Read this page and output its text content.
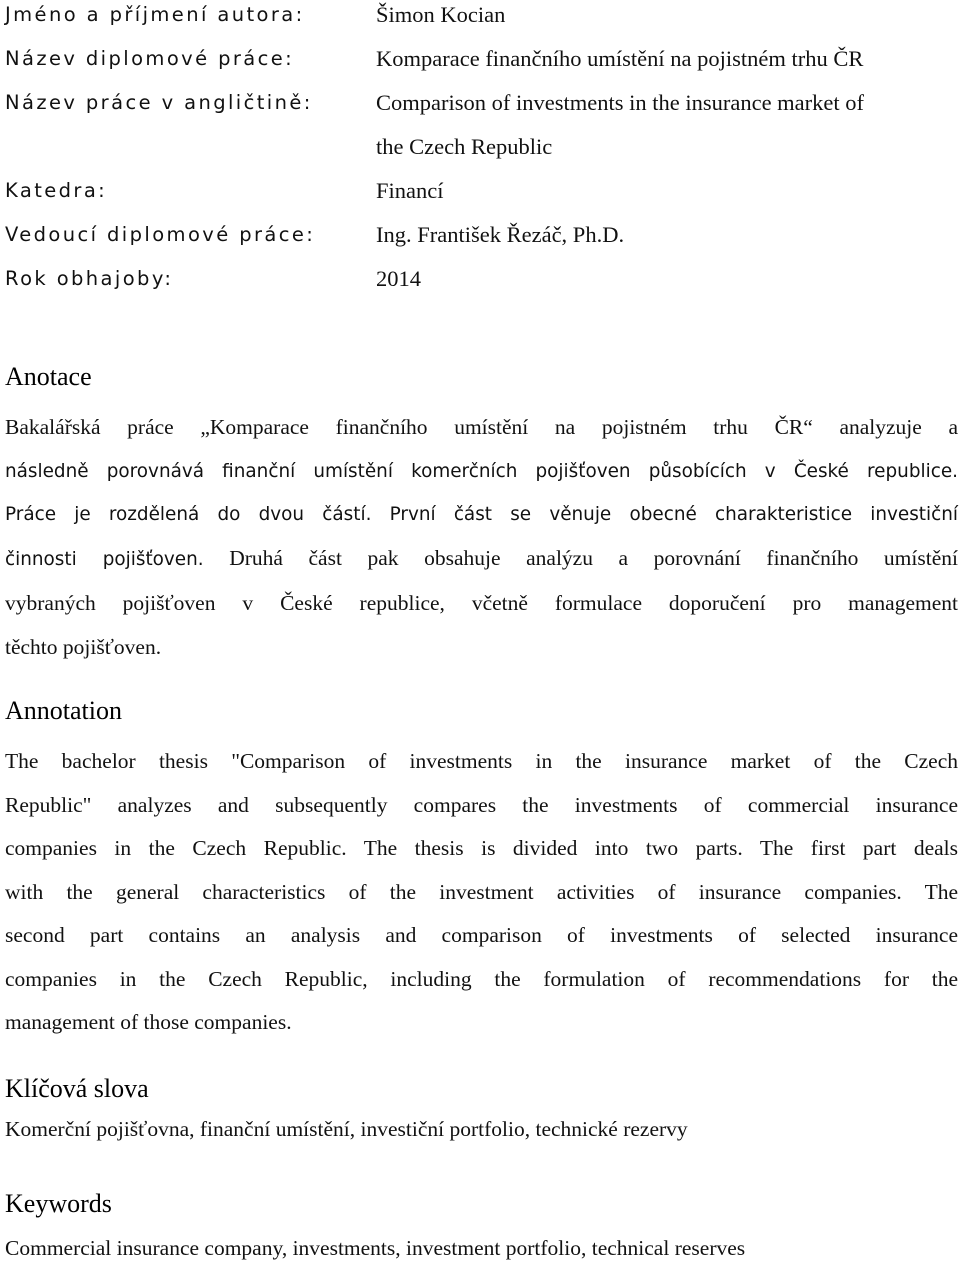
Jméno a příjmení autora:	Šimon Kocian
Název diplomové práce:	Komparace finančního umístění na pojistném trhu ČR
Název práce v angličtině:	Comparison of investments in the insurance market of
the Czech Republic
Katedra:	Financí
Vedoucí diplomové práce:	Ing. František Řezáč, Ph.D.
Rok obhajoby:	2014
Anotace
Bakalářská práce „Komparace finančního umístění na pojistném trhu ČR“ analyzuje a
následně porovnává finanční umístění komerčních pojišťoven působících v České republice.
Práce je rozdělená do dvou částí. První část se věnuje obecné charakteristice investiční
činnosti pojišťoven. Druhá část pak obsahuje analýzu a porovnání finančního umístění
vybraných pojišťoven v České republice, včetně formulace doporučení pro management
těchto pojišťoven.
Annotation
The bachelor thesis "Comparison of investments in the insurance market of the Czech
Republic" analyzes and subsequently compares the investments of commercial insurance
companies in the Czech Republic. The thesis is divided into two parts. The first part deals
with the general characteristics of the investment activities of insurance companies. The
second part contains an analysis and comparison of investments of selected insurance
companies in the Czech Republic, including the formulation of recommendations for the
management of those companies.
Klíčová slova
Komerční pojišťovna, finanční umístění, investiční portfolio, technické rezervy
Keywords
Commercial insurance company, investments, investment portfolio, technical reserves
